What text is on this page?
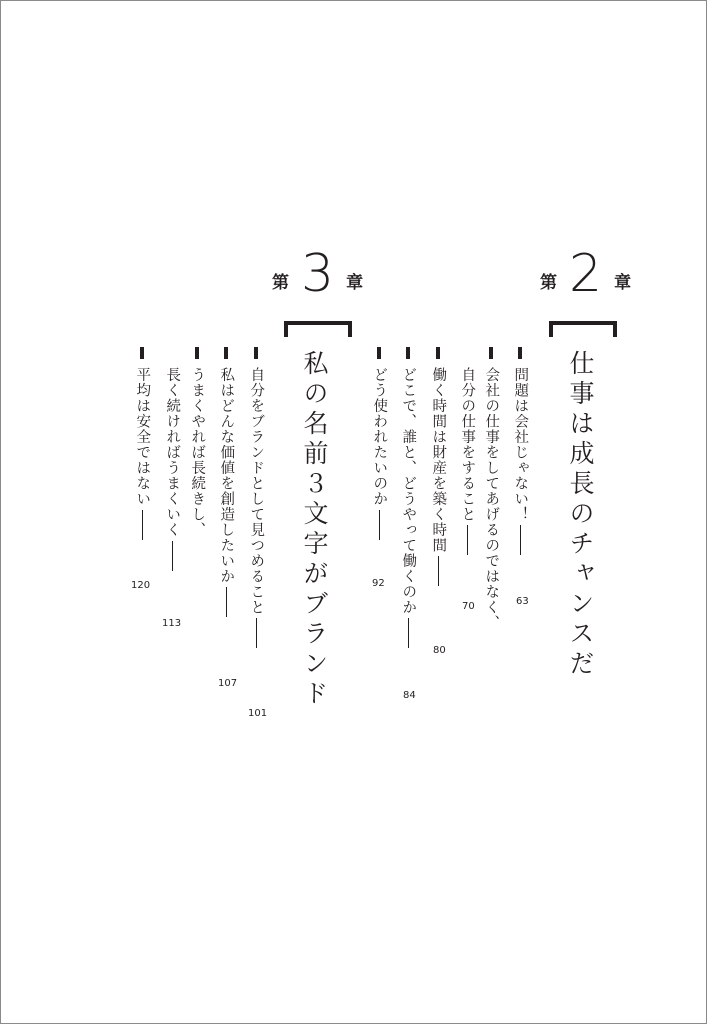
第 2 章
仕事は成長のチャンスだ
問題は会社じゃない！
63
会社の仕事をしてあげるのではなく、
自分の仕事をすること
70
働く時間は財産を築く時間
80
どこで、誰と、どうやって働くのか
84
どう使われたいのか
92
第 3 章
私の名前３文字がブランド
自分をブランドとして見つめること
101
私はどんな価値を創造したいか
107
うまくやれば長続きし、
長く続ければうまくいく
113
平均は安全ではない
120
